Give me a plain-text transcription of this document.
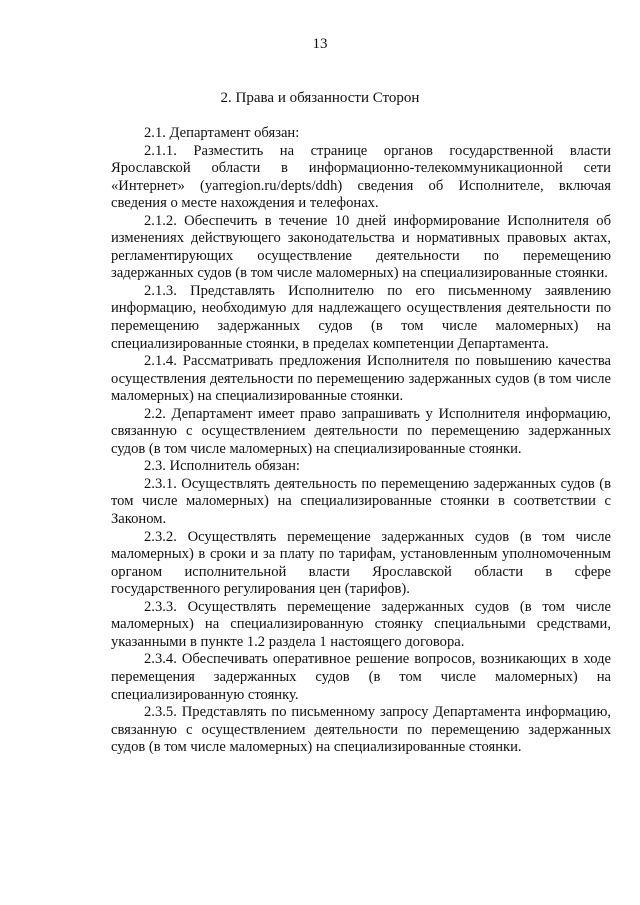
13
2. Права и обязанности Сторон

2.1. Департамент обязан:

2.1.1. Разместить на странице органов государственной власти Ярославской области в информационно-телекоммуникационной сети «Интернет» (yarregion.ru/depts/ddh) сведения об Исполнителе, включая сведения о месте нахождения и телефонах.

2.1.2. Обеспечить в течение 10 дней информирование Исполнителя об изменениях действующего законодательства и нормативных правовых актах, регламентирующих осуществление деятельности по перемещению задержанных судов (в том числе маломерных) на специализированные стоянки.

2.1.3. Представлять Исполнителю по его письменному заявлению информацию, необходимую для надлежащего осуществления деятельности по перемещению задержанных судов (в том числе маломерных) на специализированные стоянки, в пределах компетенции Департамента.

2.1.4. Рассматривать предложения Исполнителя по повышению качества осуществления деятельности по перемещению задержанных судов (в том числе маломерных) на специализированные стоянки.

2.2. Департамент имеет право запрашивать у Исполнителя информацию, связанную с осуществлением деятельности по перемещению задержанных судов (в том числе маломерных) на специализированные стоянки.

2.3. Исполнитель обязан:

2.3.1. Осуществлять деятельность по перемещению задержанных судов (в том числе маломерных) на специализированные стоянки в соответствии с Законом.

2.3.2. Осуществлять перемещение задержанных судов (в том числе маломерных) в сроки и за плату по тарифам, установленным уполномоченным органом исполнительной власти Ярославской области в сфере государственного регулирования цен (тарифов).

2.3.3. Осуществлять перемещение задержанных судов (в том числе маломерных) на специализированную стоянку специальными средствами, указанными в пункте 1.2 раздела 1 настоящего договора.

2.3.4. Обеспечивать оперативное решение вопросов, возникающих в ходе перемещения задержанных судов (в том числе маломерных) на специализированную стоянку.

2.3.5. Представлять по письменному запросу Департамента информацию, связанную с осуществлением деятельности по перемещению задержанных судов (в том числе маломерных) на специализированные стоянки.
